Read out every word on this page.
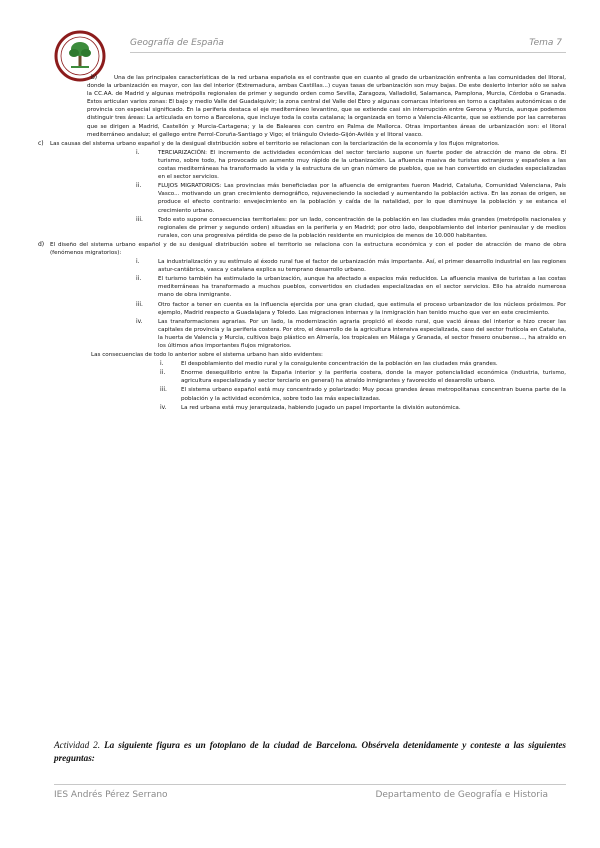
Geografía de España	Tema 7
b)	Una de las principales características de la red urbana española es el contraste que en cuanto al grado de urbanización enfrenta a las comunidades del litoral, donde la urbanización es mayor, con las del interior (Extremadura, ambas Castillas...) cuyas tasas de urbanización son muy bajas. De este desierto interior sólo se salva la CC.AA. de Madrid y algunas metrópolis regionales de primer y segundo orden como Sevilla, Zaragoza, Valladolid, Salamanca, Pamplona, Murcia, Córdoba o Granada. Estos articulan varios zonas: El bajo y medio Valle del Guadalquivir; la zona central del Valle del Ebro y algunas comarcas interiores en torno a capitales autonómicas o de provincia con especial significado. En la periferia destaca el eje mediterráneo levantino, que se extiende casi sin interrupción entre Gerona y Murcia, aunque podemos distinguir tres áreas: La articulada en torno a Barcelona, que incluye toda la costa catalana; la organizada en torno a Valencia-Alicante, que se extiende por las carreteras que se dirigen a Madrid, Castellón y Murcia-Cartagena; y la de Baleares con centro en Palma de Mallorca. Otras importantes áreas de urbanización son: el litoral mediterráneo andaluz; el gallego entre Ferrol-Coruña-Santiago y Vigo; el triángulo Oviedo-Gijón-Avilés y el litoral vasco.
c)	Las causas del sistema urbano español y de la desigual distribución sobre el territorio se relacionan con la terciarización de la economía y los flujos migratorios.
i.	TERCIARIZACIÓN: El incremento de actividades económicas del sector terciario supone un fuerte poder de atracción de mano de obra. El turismo, sobre todo, ha provocado un aumento muy rápido de la urbanización. La afluencia masiva de turistas extranjeros y españoles a las costas mediterráneas ha transformado la vida y la estructura de un gran número de pueblos, que se han convertido en ciudades especializadas en el sector servicios.
ii.	FLUJOS MIGRATORIOS: Las provincias más beneficiadas por la afluencia de emigrantes fueron Madrid, Cataluña, Comunidad Valenciana, País Vasco... motivando un gran crecimiento demográfico, rejuveneciendo la sociedad y aumentando la población activa. En las zonas de origen, se produce el efecto contrario: envejecimiento en la población y caída de la natalidad, por lo que disminuye la población y se estanca el crecimiento urbano.
iii.	Todo esto supone consecuencias territoriales: por un lado, concentración de la población en las ciudades más grandes (metrópolis nacionales y regionales de primer y segundo orden) situadas en la periferia y en Madrid; por otro lado, despoblamiento del interior peninsular y de medios rurales, con una progresiva pérdida de peso de la población residente en municipios de menos de 10.000 habitantes.
d)	El diseño del sistema urbano español y de su desigual distribución sobre el territorio se relaciona con la estructura económica y con el poder de atracción de mano de obra (fenómenos migratorios):
i.	La industrialización y su estímulo al éxodo rural fue el factor de urbanización más importante. Así, el primer desarrollo industrial en las regiones astur-cantábrica, vasca y catalana explica su temprano desarrollo urbano.
ii.	El turismo también ha estimulado la urbanización, aunque ha afectado a espacios más reducidos. La afluencia masiva de turistas a las costas mediterráneas ha transformado a muchos pueblos, convertidos en ciudades especializadas en el sector servicios. Ello ha atraído numerosa mano de obra inmigrante.
iii.	Otro factor a tener en cuenta es la influencia ejercida por una gran ciudad, que estimula el proceso urbanizador de los núcleos próximos. Por ejemplo, Madrid respecto a Guadalajara y Toledo. Las migraciones internas y la inmigración han tenido mucho que ver en este crecimiento.
iv.	Las transformaciones agrarias. Por un lado, la modernización agraria propició el éxodo rural, que vació áreas del interior e hizo crecer las capitales de provincia y la periferia costera. Por otro, el desarrollo de la agricultura intensiva especializada, caso del sector frutícola en Cataluña, la huerta de Valencia y Murcia, cultivos bajo plástico en Almería, los tropicales en Málaga y Granada, el sector fresero onubense..., ha atraído en los últimos años importantes flujos migratorios.
Las consecuencias de todo lo anterior sobre el sistema urbano han sido evidentes:
i.	El despoblamiento del medio rural y la consiguiente concentración de la población en las ciudades más grandes.
ii.	Enorme desequilibrio entre la España interior y la periferia costera, donde la mayor potencialidad económica (industria, turismo, agricultura especializada y sector terciario en general) ha atraído inmigrantes y favorecido el desarrollo urbano.
iii.	El sistema urbano español está muy concentrado y polarizado: Muy pocas grandes áreas metropolitanas concentran buena parte de la población y la actividad económica, sobre todo las más especializadas.
iv.	La red urbana está muy jerarquizada, habiendo jugado un papel importante la división autonómica.
Actividad 2. La siguiente figura es un fotoplano de la ciudad de Barcelona. Obsérvela detenidamente y conteste a las siguientes preguntas:
IES Andrés Pérez Serrano	Departamento de Geografía e Historia
